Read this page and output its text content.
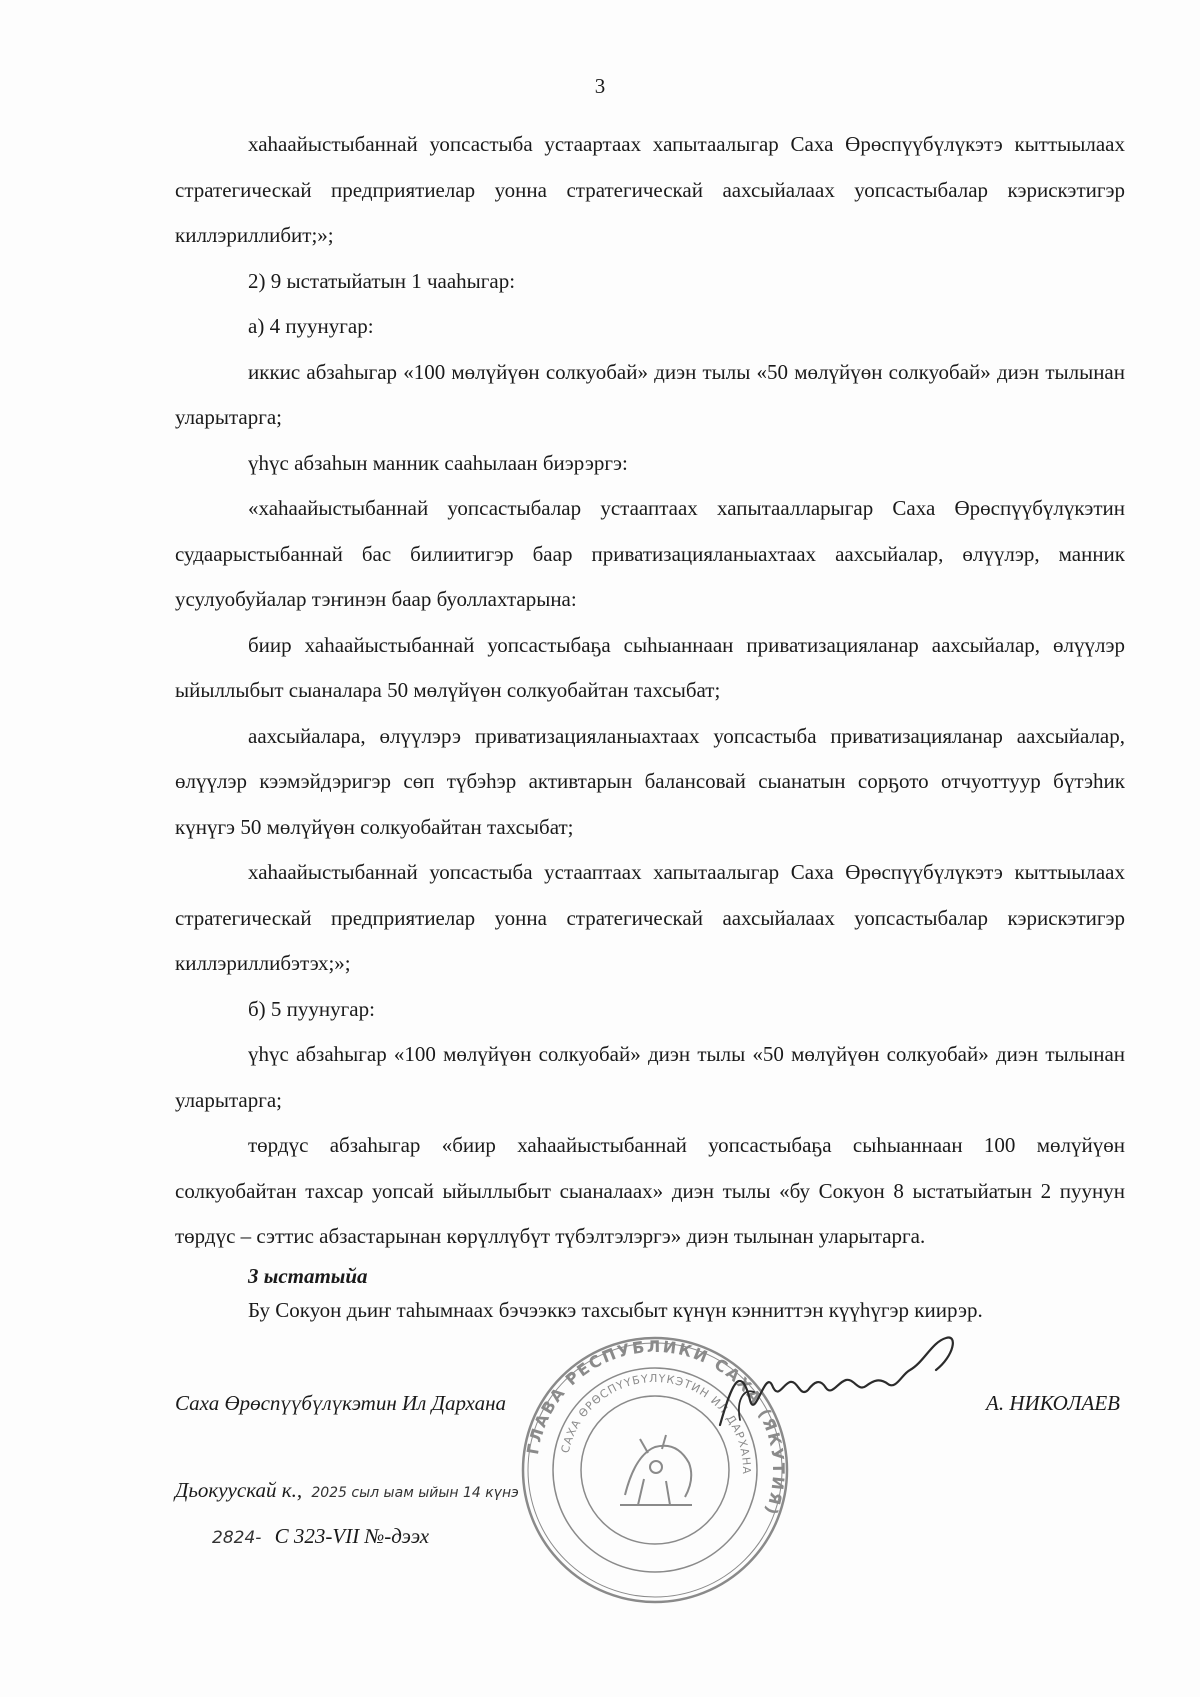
3

хаһаайыстыбаннай уопсастыба устаартаах хапытаалыгар Саха Өрөспүүбүлүкэтэ кыттыылаах стратегическай предприятиелар уонна стратегическай аахсыйалаах уопсастыбалар кэрискэтигэр киллэриллибит;»;

2) 9 ыстатыйатын 1 чааһыгар:

а) 4 пуунугар:

иккис абзаһыгар «100 мөлүйүөн солкуобай» диэн тылы «50 мөлүйүөн солкуобай» диэн тылынан уларытарга;

үһүс абзаһын манник сааһылаан биэрэргэ:

«хаһаайыстыбаннай уопсастыбалар устааптаах хапытаалларыгар Саха Өрөспүүбүлүкэтин судаарыстыбаннай бас билиитигэр баар приватизацияланыахтаах аахсыйалар, өлүүлэр, манник усулуобуйалар тэҥинэн баар буоллахтарына:

биир хаһаайыстыбаннай уопсастыбаҕа сыһыаннаан приватизацияланар аахсыйалар, өлүүлэр ыйыллыбыт сыаналара 50 мөлүйүөн солкуобайтан тахсыбат;

аахсыйалара, өлүүлэрэ приватизацияланыахтаах уопсастыба приватизацияланар аахсыйалар, өлүүлэр кээмэйдэригэр сөп түбэһэр активтарын балансовай сыанатын сорҕото отчуоттуур бүтэһик күнүгэ 50 мөлүйүөн солкуобайтан тахсыбат;

хаһаайыстыбаннай уопсастыба устааптаах хапытаалыгар Саха Өрөспүүбүлүкэтэ кыттыылаах стратегическай предприятиелар уонна стратегическай аахсыйалаах уопсастыбалар кэрискэтигэр киллэриллибэтэх;»;

б) 5 пуунугар:

үһүс абзаһыгар «100 мөлүйүөн солкуобай» диэн тылы «50 мөлүйүөн солкуобай» диэн тылынан уларытарга;

төрдүс абзаһыгар «биир хаһаайыстыбаннай уопсастыбаҕа сыһыаннаан 100 мөлүйүөн солкуобайтан тахсар уопсай ыйыллыбыт сыаналаах» диэн тылы «бу Сокуон 8 ыстатыйатын 2 пуунун төрдүс – сэттис абзастарынан көрүллүбүт түбэлтэлэргэ» диэн тылынан уларытарга.

3 ыстатыйа
Бу Сокуон дьиҥ таһымнаах бэчээккэ тахсыбыт күнүн кэнниттэн күүһүгэр киирэр.
Саха Өрөспүүбүлүкэтин Ил Дархана	А. НИКОЛАЕВ
Дьокуускай к., 2025 сыл ыам ыйын 14 күнэ
2824- С 323-VII №-дээх
ГЛАВА РЕСПУБЛИКИ САХА (ЯКУТИЯ)
САХА ӨРӨСПҮҮБҮЛҮКЭТИН ИЛ ДАРХАНА
